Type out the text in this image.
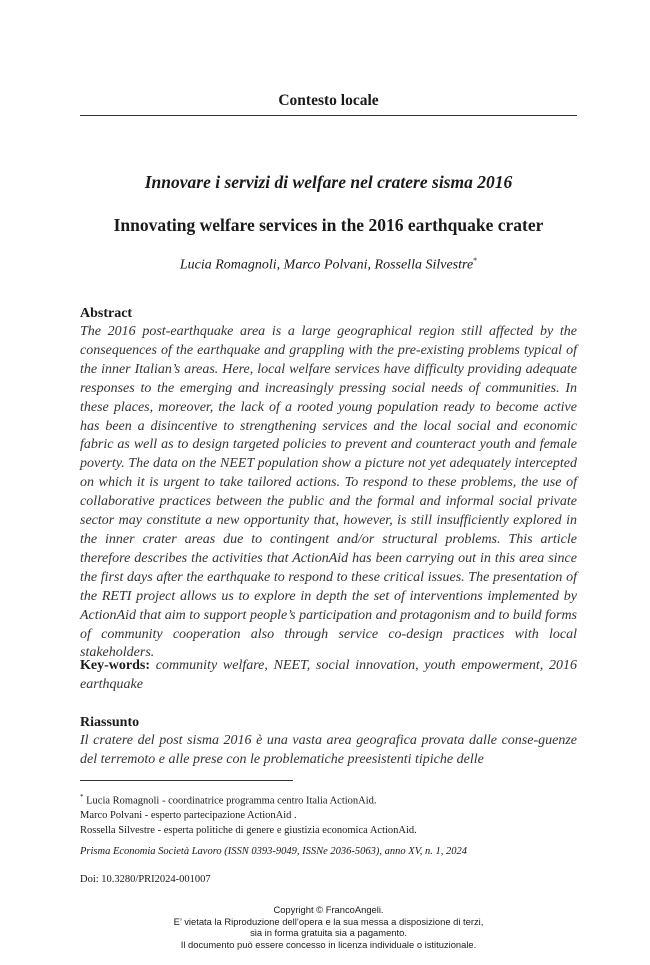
Contesto locale
Innovare i servizi di welfare nel cratere sisma 2016
Innovating welfare services in the 2016 earthquake crater
Lucia Romagnoli, Marco Polvani, Rossella Silvestre*
Abstract
The 2016 post-earthquake area is a large geographical region still affected by the consequences of the earthquake and grappling with the pre-existing problems typical of the inner Italian’s areas. Here, local welfare services have difficulty providing adequate responses to the emerging and increasingly pressing social needs of communities. In these places, moreover, the lack of a rooted young population ready to become active has been a disincentive to strengthening services and the local social and economic fabric as well as to design targeted policies to prevent and counteract youth and female poverty. The data on the NEET population show a picture not yet adequately intercepted on which it is urgent to take tailored actions. To respond to these problems, the use of collaborative practices between the public and the formal and informal social private sector may constitute a new opportunity that, however, is still insufficiently explored in the inner crater areas due to contingent and/or structural problems. This article therefore describes the activities that ActionAid has been carrying out in this area since the first days after the earthquake to respond to these critical issues. The presentation of the RETI project allows us to explore in depth the set of interventions implemented by ActionAid that aim to support people’s participation and protagonism and to build forms of community cooperation also through service co-design practices with local stakeholders.
Key-words: community welfare, NEET, social innovation, youth empowerment, 2016 earthquake
Riassunto
Il cratere del post sisma 2016 è una vasta area geografica provata dalle conse-guenze del terremoto e alle prese con le problematiche preesistenti tipiche delle
* Lucia Romagnoli - coordinatrice programma centro Italia ActionAid.
Marco Polvani - esperto partecipazione ActionAid .
Rossella Silvestre - esperta politiche di genere e giustizia economica ActionAid.
Prisma Economia Società Lavoro (ISSN 0393-9049, ISSNe 2036-5063), anno XV, n. 1, 2024
Doi: 10.3280/PRI2024-001007
Copyright © FrancoAngeli.
E’ vietata la Riproduzione dell’opera e la sua messa a disposizione di terzi,
sia in forma gratuita sia a pagamento.
Il documento può essere concesso in licenza individuale o istituzionale.
